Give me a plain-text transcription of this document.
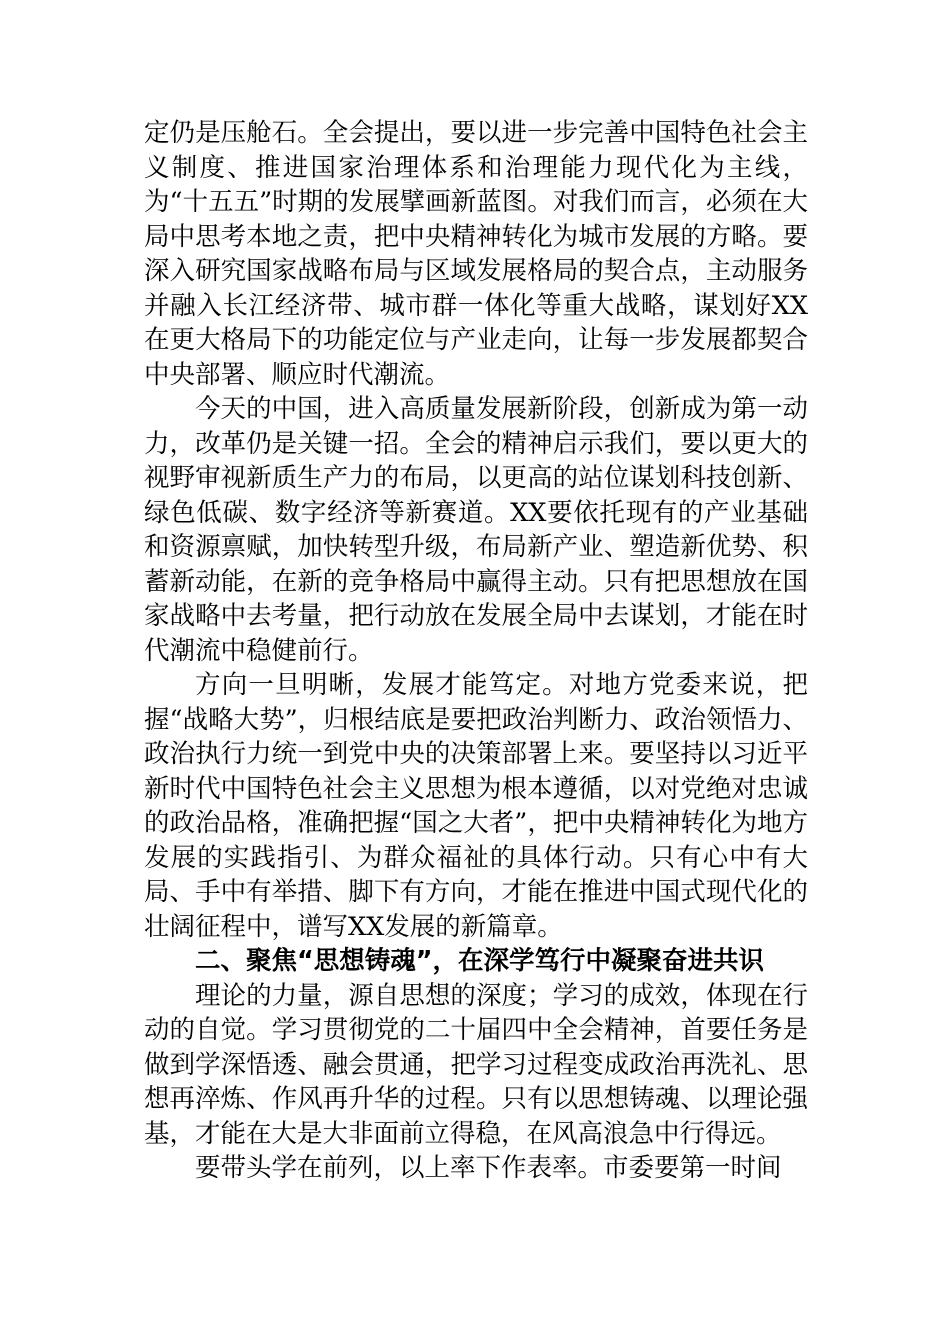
定仍是压舱石。全会提出，要以进一步完善中国特色社会主义制度、推进国家治理体系和治理能力现代化为主线，为“十五五”时期的发展擘画新蓝图。对我们而言，必须在大局中思考本地之责，把中央精神转化为城市发展的方略。要深入研究国家战略布局与区域发展格局的契合点，主动服务并融入长江经济带、城市群一体化等重大战略，谋划好XX在更大格局下的功能定位与产业走向，让每一步发展都契合中央部署、顺应时代潮流。

今天的中国，进入高质量发展新阶段，创新成为第一动力，改革仍是关键一招。全会的精神启示我们，要以更大的视野审视新质生产力的布局，以更高的站位谋划科技创新、绿色低碳、数字经济等新赛道。XX要依托现有的产业基础和资源禀赋，加快转型升级，布局新产业、塑造新优势、积蓄新动能，在新的竞争格局中赢得主动。只有把思想放在国家战略中去考量，把行动放在发展全局中去谋划，才能在时代潮流中稳健前行。

方向一旦明晰，发展才能笃定。对地方党委来说，把握“战略大势”，归根结底是要把政治判断力、政治领悟力、政治执行力统一到党中央的决策部署上来。要坚持以习近平新时代中国特色社会主义思想为根本遵循，以对党绝对忠诚的政治品格，准确把握“国之大者”，把中央精神转化为地方发展的实践指引、为群众福祉的具体行动。只有心中有大局、手中有举措、脚下有方向，才能在推进中国式现代化的壮阔征程中，谱写XX发展的新篇章。

二、聚焦“思想铸魂”，在深学笃行中凝聚奋进共识

理论的力量，源自思想的深度；学习的成效，体现在行动的自觉。学习贯彻党的二十届四中全会精神，首要任务是做到学深悟透、融会贯通，把学习过程变成政治再洗礼、思想再淬炼、作风再升华的过程。只有以思想铸魂、以理论强基，才能在大是大非面前立得稳，在风高浪急中行得远。

要带头学在前列，以上率下作表率。市委要第一时间
